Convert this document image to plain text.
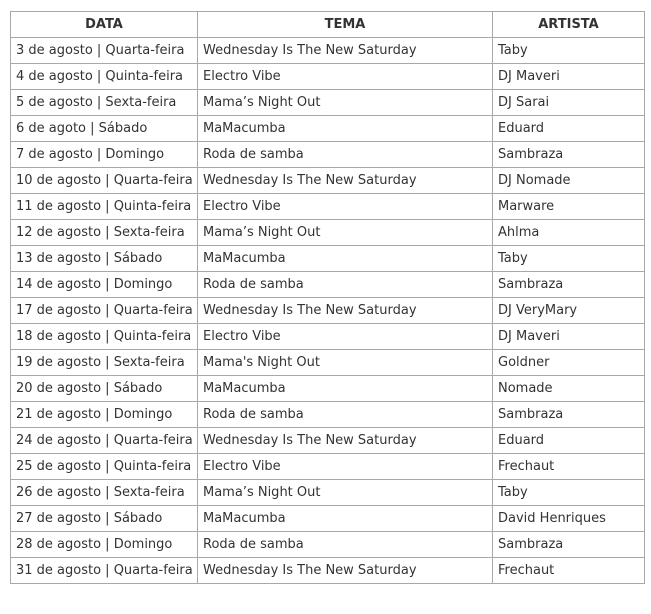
DATA	TEMA	ARTISTA
3 de agosto | Quarta-feira	Wednesday Is The New Saturday	Taby
4 de agosto | Quinta-feira	Electro Vibe	DJ Maveri
5 de agosto | Sexta-feira	Mama’s Night Out	DJ Sarai
6 de agoto | Sábado	MaMacumba	Eduard
7 de agosto | Domingo	Roda de samba	Sambraza
10 de agosto | Quarta-feira	Wednesday Is The New Saturday	DJ Nomade
11 de agosto | Quinta-feira	Electro Vibe	Marware
12 de agosto | Sexta-feira	Mama’s Night Out	Ahlma
13 de agosto | Sábado	MaMacumba	Taby
14 de agosto | Domingo	Roda de samba	Sambraza
17 de agosto | Quarta-feira	Wednesday Is The New Saturday	DJ VeryMary
18 de agosto | Quinta-feira	Electro Vibe	DJ Maveri
19 de agosto | Sexta-feira	Mama's Night Out	Goldner
20 de agosto | Sábado	MaMacumba	Nomade
21 de agosto | Domingo	Roda de samba	Sambraza
24 de agosto | Quarta-feira	Wednesday Is The New Saturday	Eduard
25 de agosto | Quinta-feira	Electro Vibe	Frechaut
26 de agosto | Sexta-feira	Mama’s Night Out	Taby
27 de agosto | Sábado	MaMacumba	David Henriques
28 de agosto | Domingo	Roda de samba	Sambraza
31 de agosto | Quarta-feira	Wednesday Is The New Saturday	Frechaut
